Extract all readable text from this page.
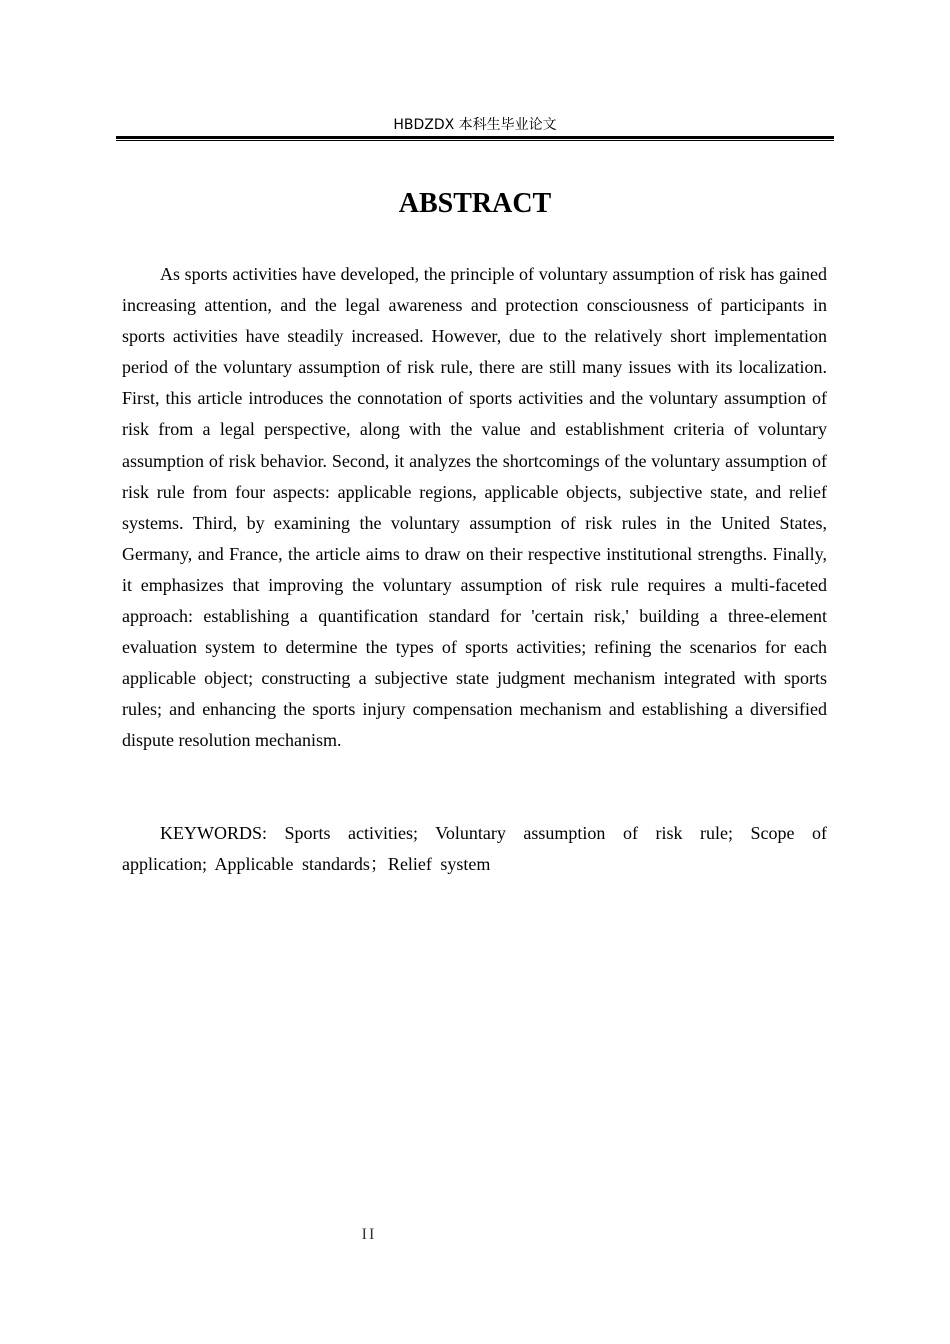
HBDZDX 本科生毕业论文
ABSTRACT

As sports activities have developed, the principle of voluntary assumption of risk has gained increasing attention, and the legal awareness and protection consciousness of participants in sports activities have steadily increased. However, due to the relatively short implementation period of the voluntary assumption of risk rule, there are still many issues with its localization. First, this article introduces the connotation of sports activities and the voluntary assumption of risk from a legal perspective, along with the value and establishment criteria of voluntary assumption of risk behavior. Second, it analyzes the shortcomings of the voluntary assumption of risk rule from four aspects: applicable regions, applicable objects, subjective state, and relief systems. Third, by examining the voluntary assumption of risk rules in the United States, Germany, and France, the article aims to draw on their respective institutional strengths. Finally, it emphasizes that improving the voluntary assumption of risk rule requires a multi-faceted approach: establishing a quantification standard for 'certain risk,' building a three-element evaluation system to determine the types of sports activities; refining the scenarios for each applicable object; constructing a subjective state judgment mechanism integrated with sports rules; and enhancing the sports injury compensation mechanism and establishing a diversified dispute resolution mechanism.

KEYWORDS: Sports activities; Voluntary assumption of risk rule; Scope of application; Applicable standards；Relief system

II
